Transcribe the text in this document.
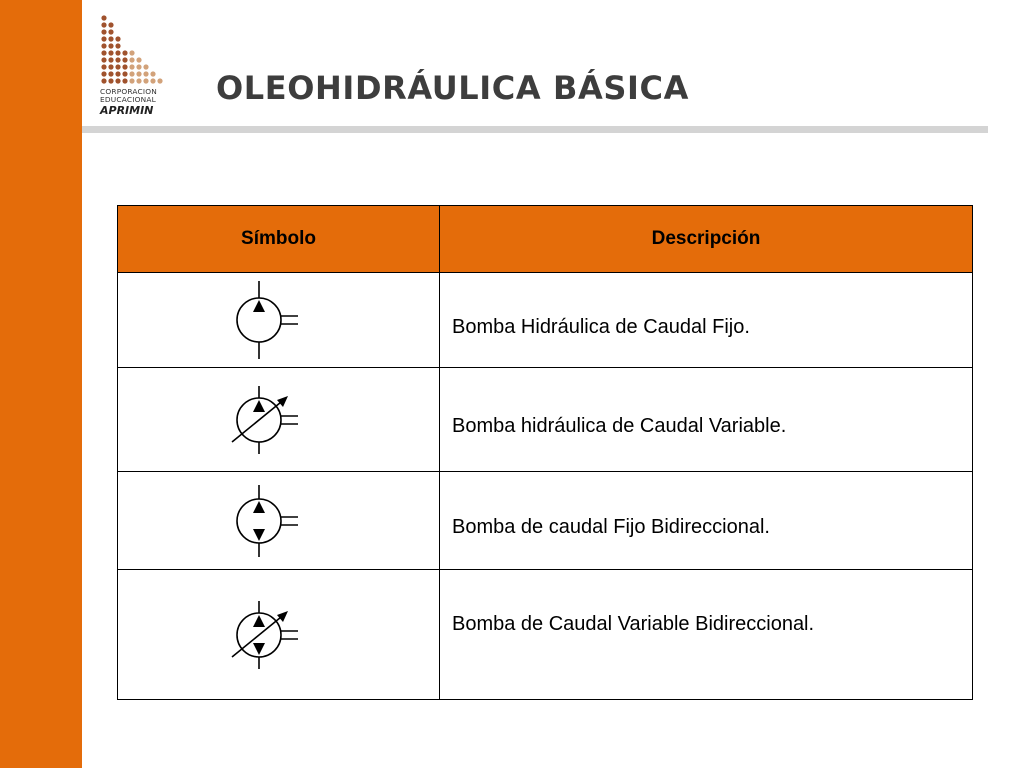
CORPORACION
EDUCACIONAL
APRIMIN
OLEOHIDRÁULICA BÁSICA
Símbolo	Descripción

	Bomba Hidráulica de Caudal Fijo.

	Bomba hidráulica de Caudal Variable.

	Bomba de caudal Fijo Bidireccional.

	Bomba de Caudal Variable Bidireccional.
